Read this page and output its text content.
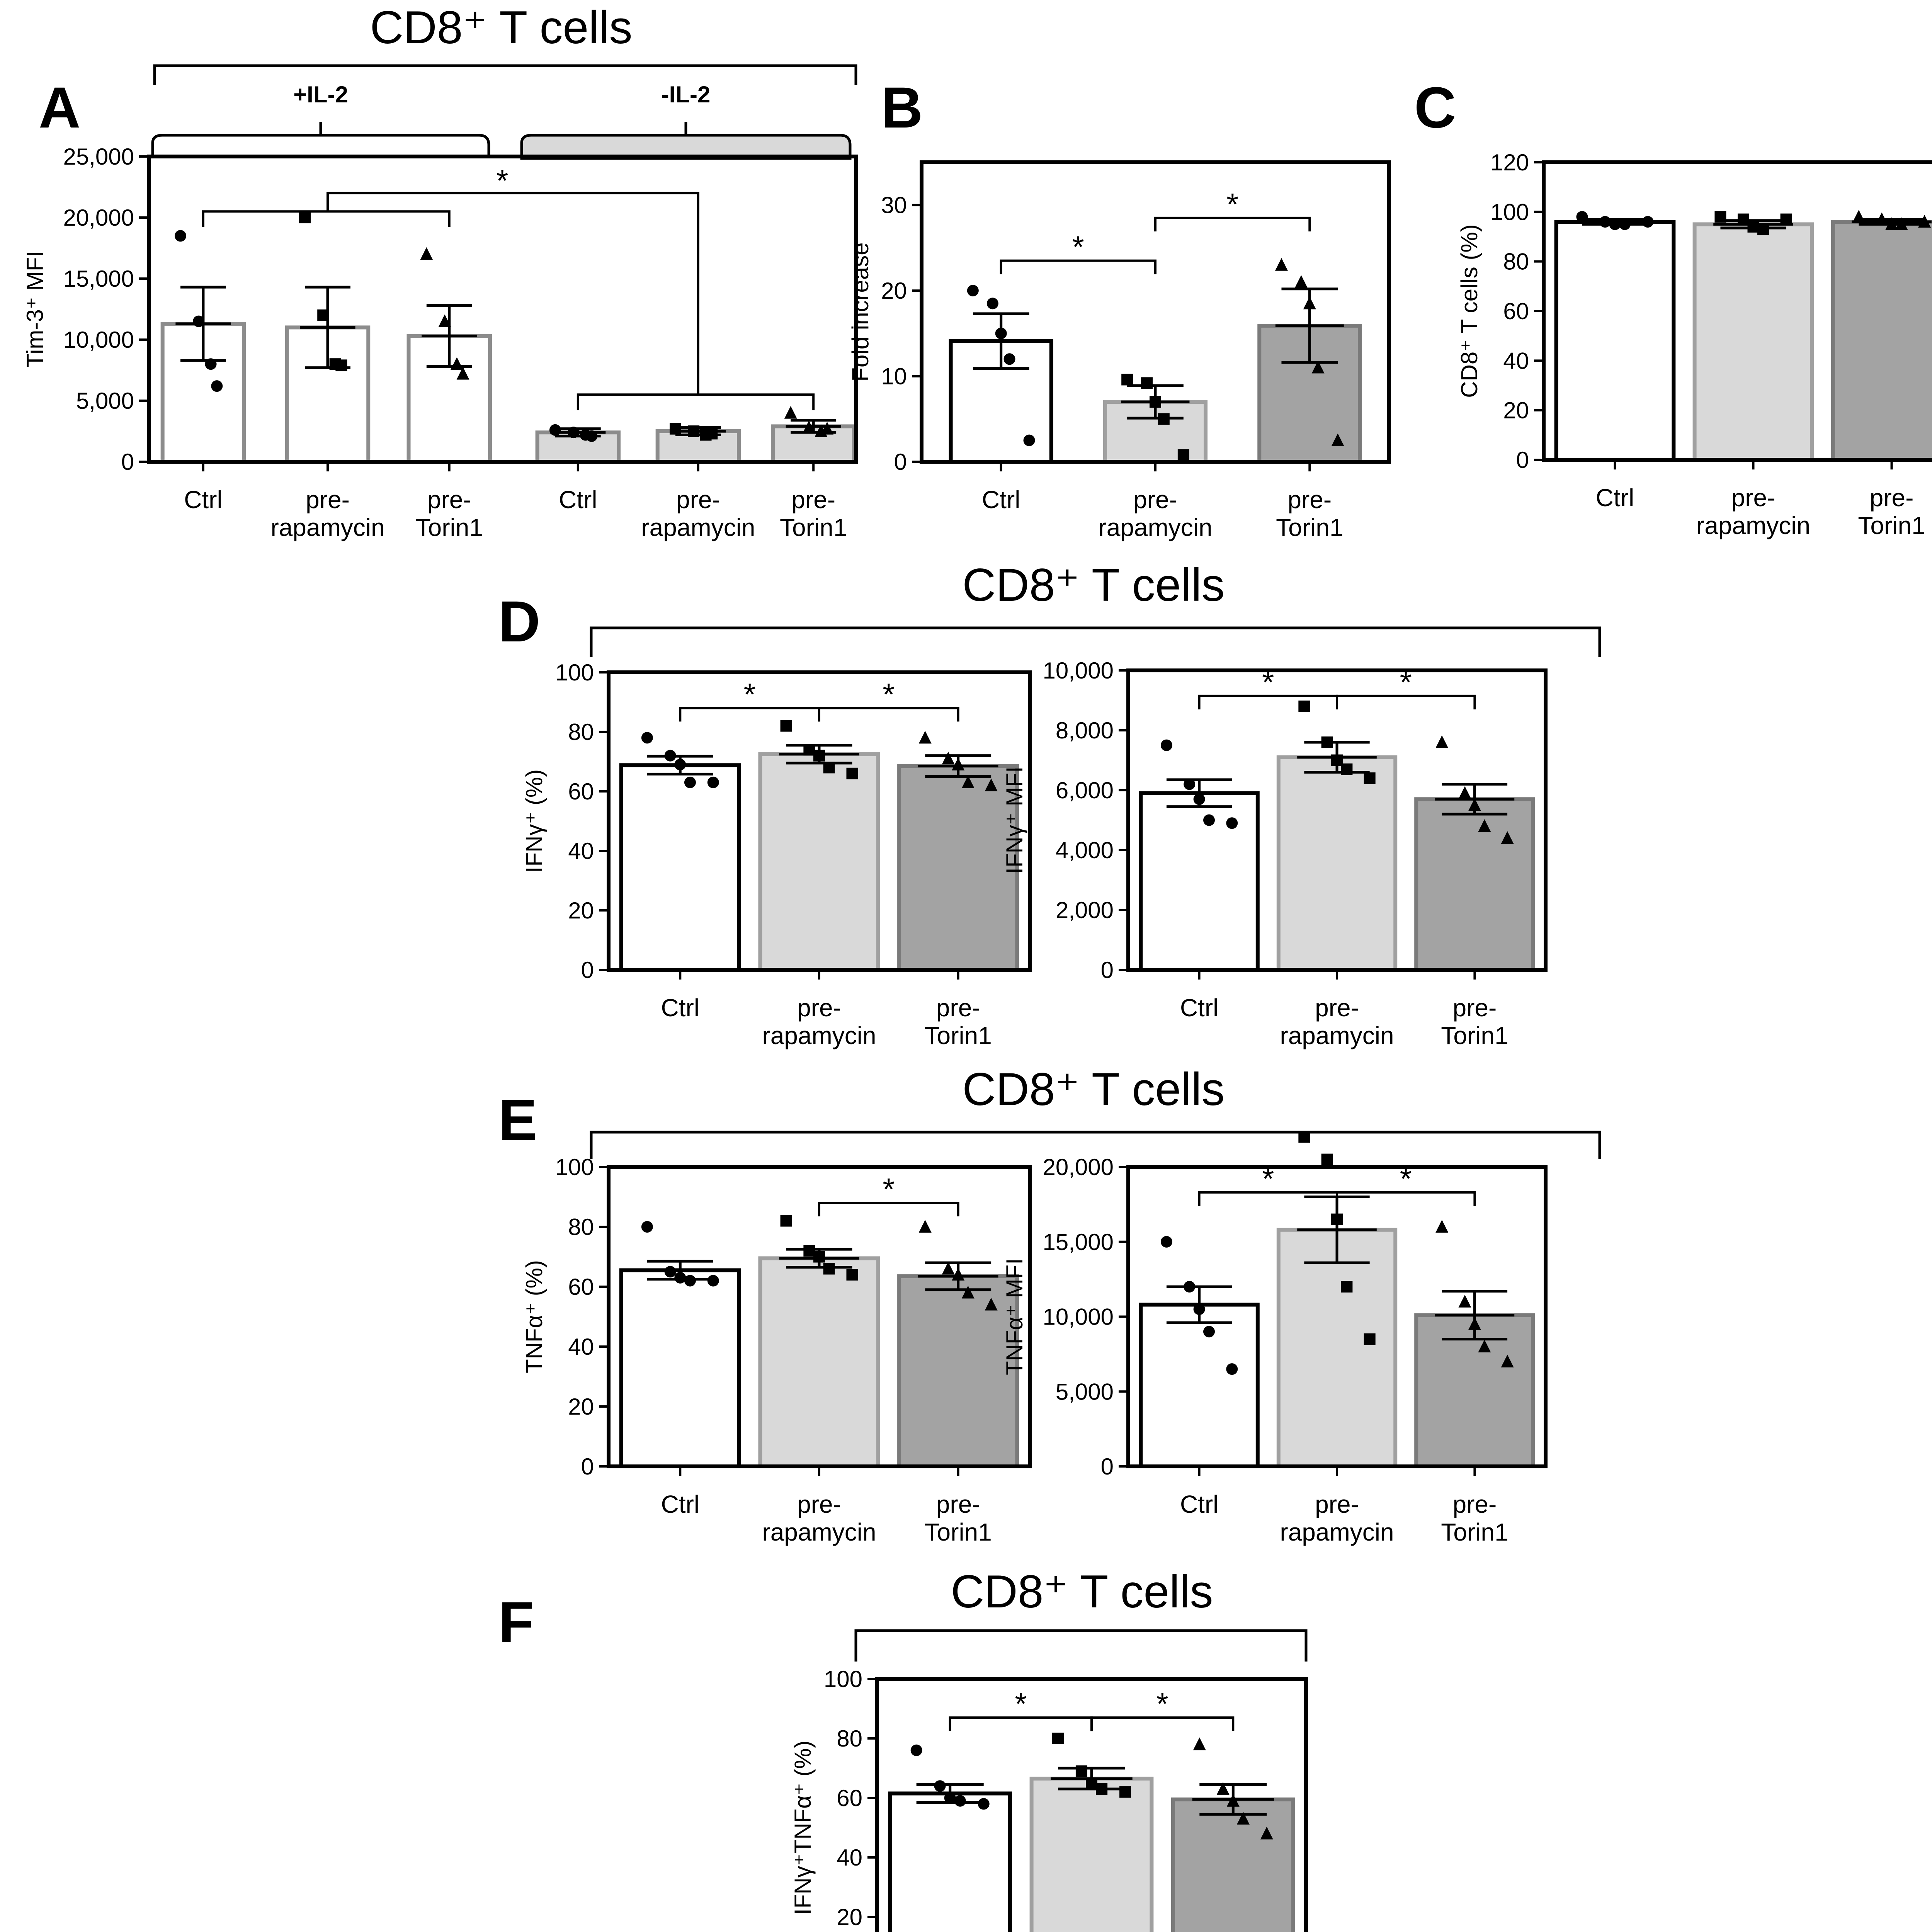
CD8⁺ T cells
CD8⁺ T cells
CD8⁺ T cells
CD8⁺ T cells
+IL-2	-IL-2
A
0
5,000
10,000
15,000
20,000
25,000
Tim-3⁺ MFI
Ctrl	pre-
rapamycin
pre-
Torin1
Ctrl	pre-
rapamycin
pre-
Torin1
*
B
0
10
20
30
Fold increase
Ctrl	pre-
rapamycin
pre-
Torin1
*
*
C
0
20
40
60
80
100
120
CD8⁺ T cells (%)
Ctrl	pre-
rapamycin
pre-
Torin1
D
0
20
40
60
80
100
IFNγ⁺ (%)
Ctrl	pre-
rapamycin
pre-
Torin1
*	*
0
2,000
4,000
6,000
8,000
10,000
IFNγ⁺ MFI
Ctrl	pre-
rapamycin
pre-
Torin1
*	*
E
0
20
40
60
80
100
TNFα⁺ (%)
Ctrl	pre-
rapamycin
pre-
Torin1
*
0
5,000
10,000
15,000
20,000
TNFα⁺ MFI
Ctrl	pre-
rapamycin
pre-
Torin1
*	*
F
20
40
60
80
100
IFNγ⁺TNFα⁺ (%)
*	*
